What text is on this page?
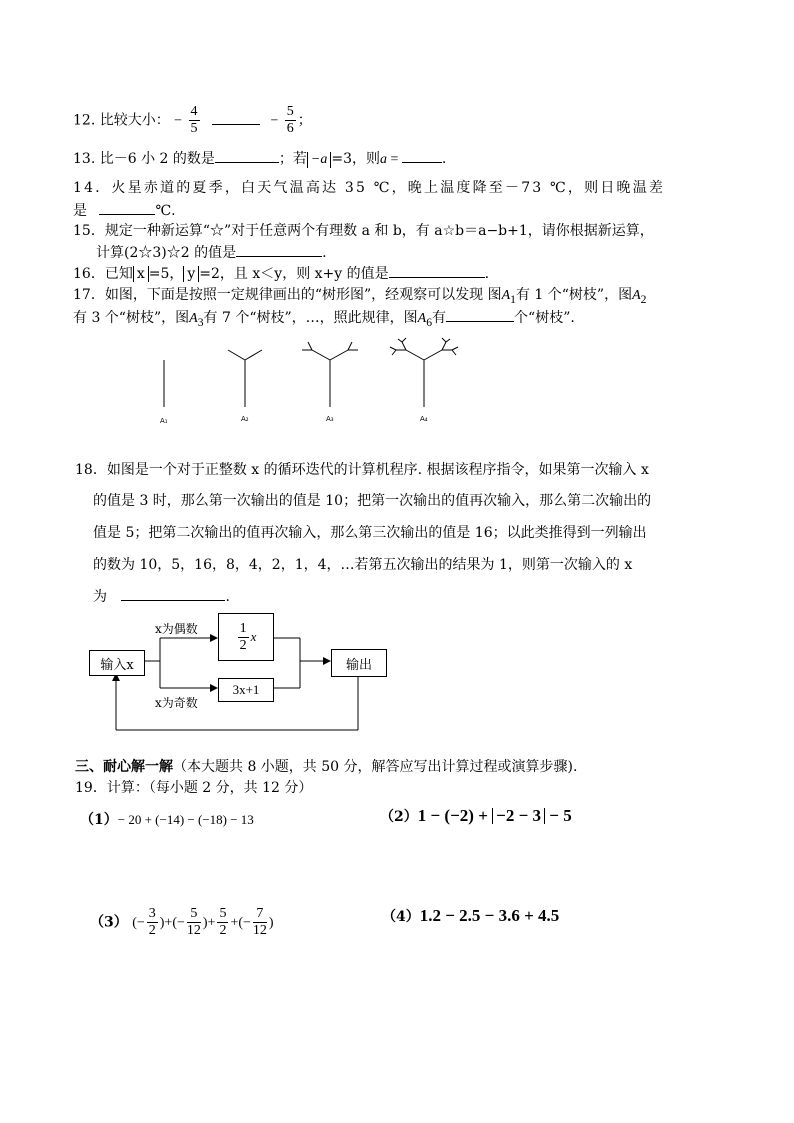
12. 比较大小： − $\frac{4}{5}$	− $\frac{5}{6}$ ；
13. 比－6 小 2 的数是	；若 −a =3，则a =	.
14．火星赤道的夏季，白天气温高达 35 ℃，晚上温度降至－73 ℃，则日晚温差
是	℃.
15．规定一种新运算“☆”对于任意两个有理数 a 和 b，有 a☆b＝a−b+1，请你根据新运算，
计算(2☆3)☆2 的值是	.
16．已知 x =5， y =2，且 x＜y，则 x+y 的值是	.
17．如图，下面是按照一定规律画出的“树形图”，经观察可以发现 图$A_1$有 1 个“树枝”，图$A_2$
有 3 个“树枝”，图$A_3$有 7 个“树枝”，…，照此规律，图$A_6$有	个“树枝”.
A₁	A₂	A₃	A₄
18．如图是一个对于正整数 x 的循环迭代的计算机程序. 根据该程序指令，如果第一次输入 x
的值是 3 时，那么第一次输出的值是 10；把第一次输出的值再次输入，那么第二次输出的
值是 5；把第二次输出的值再次输入，那么第三次输出的值是 16；以此类推得到一列输出
的数为 10，5，16，8，4，2，1，4，…若第五次输出的结果为 1，则第一次输入的 x
为	.
输入x
x为偶数
x为奇数
$\frac{1}{2}$ x
3x+1
输出
三、耐心解一解（本大题共 8 小题，共 50 分，解答应写出计算过程或演算步骤).
19．计算：（每小题 2 分，共 12 分）
（1）− 20 + (−14) − (−18) − 13	（2）1 − (−2) + −2 − 3 − 5
（3） (− $\frac{3}{2}$ )+(− $\frac{5}{12}$ )+ $\frac{5}{2}$ +(− $\frac{7}{12}$ )	（4）1.2 − 2.5 − 3.6 + 4.5
